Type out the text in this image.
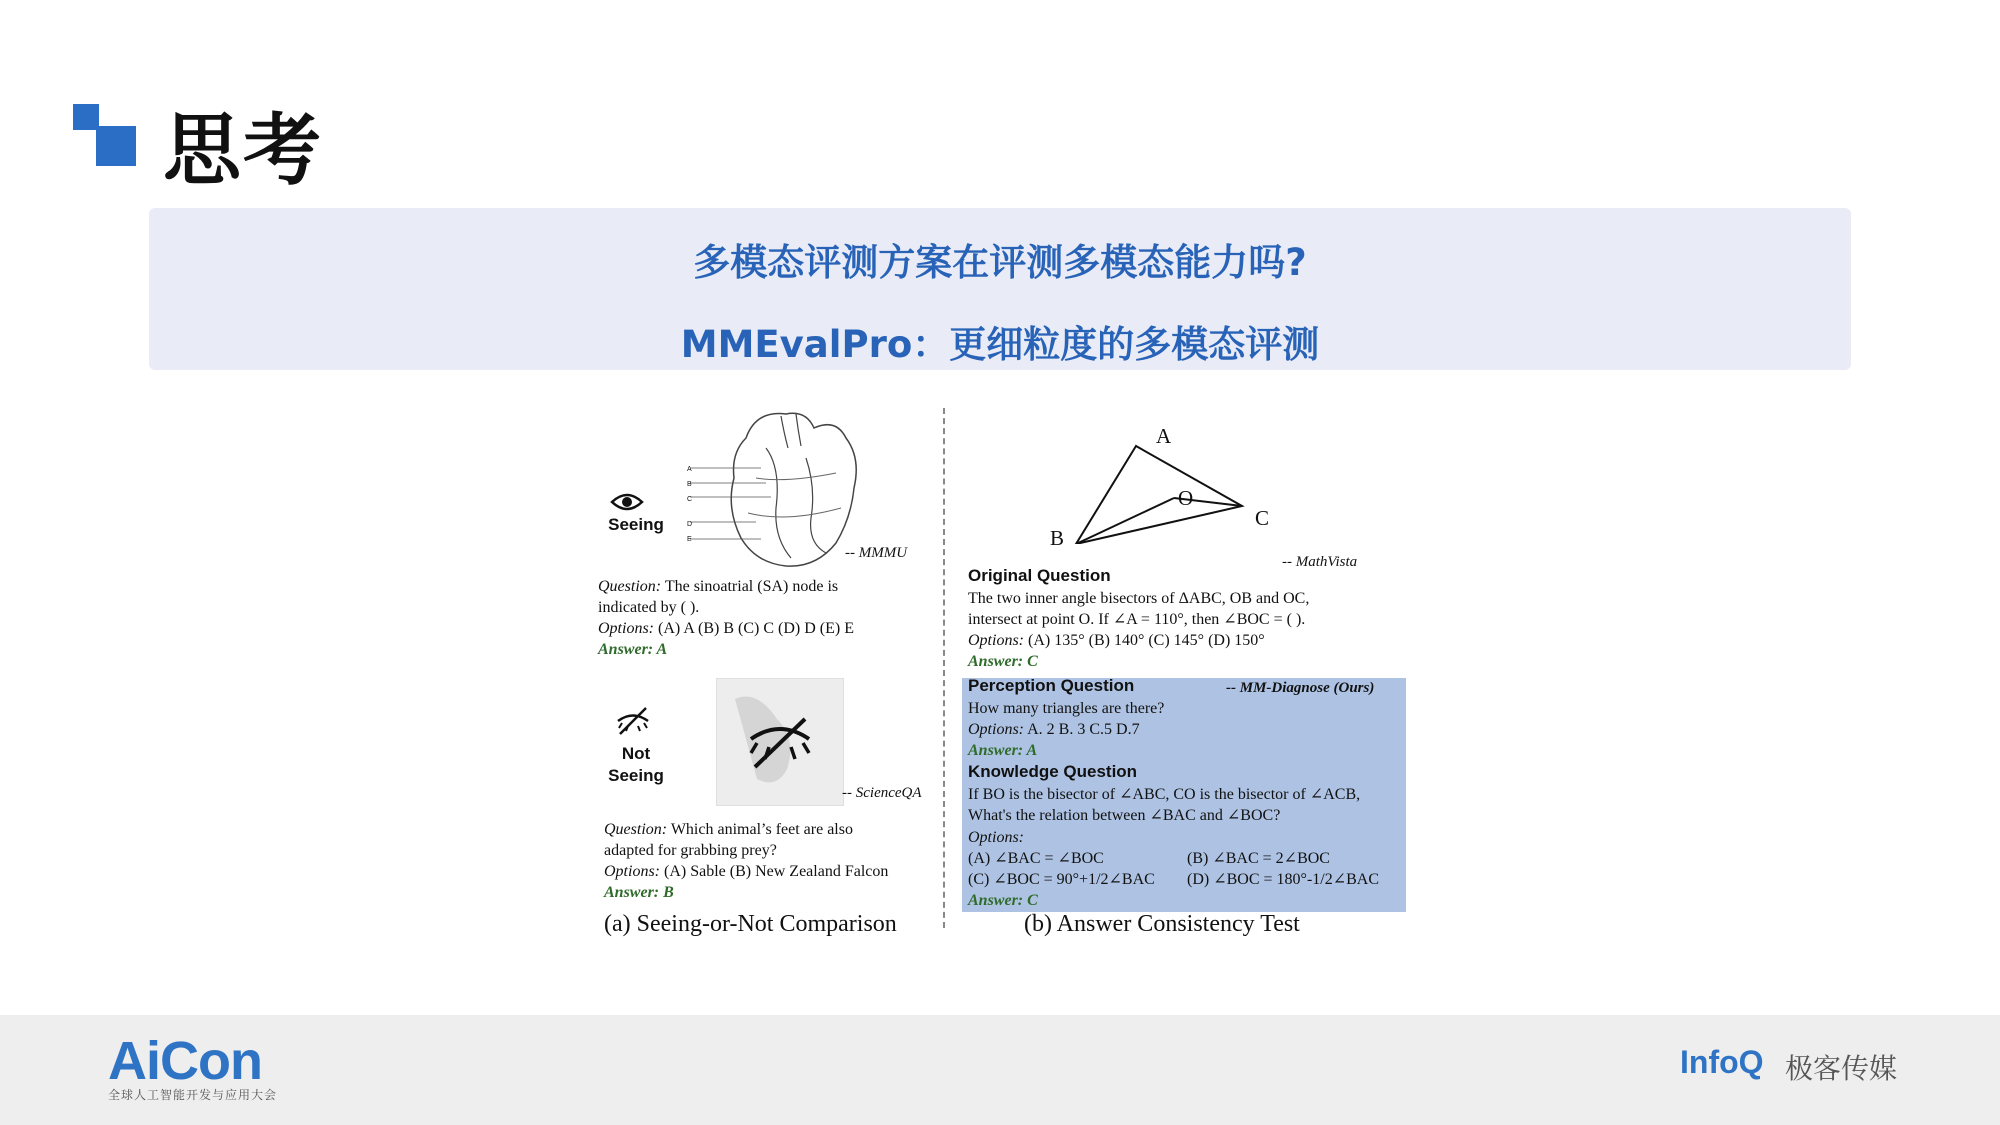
思考
多模态评测方案在评测多模态能力吗?
MMEvalPro：更细粒度的多模态评测
Seeing
A
B
C
D
E
-- MMMU
Question: The sinoatrial (SA) node is
indicated by ( ).
Options: (A) A (B) B (C) C (D) D (E) E
Answer: A
Not
Seeing
-- ScienceQA
Question: Which animal’s feet are also
adapted for grabbing prey?
Options: (A) Sable (B) New Zealand Falcon
Answer: B
(a) Seeing-or-Not Comparison
A
B
C
O
-- MathVista
Original Question
The two inner angle bisectors of ΔABC, OB and OC,
intersect at point O. If ∠A = 110°, then ∠BOC = ( ).
Options: (A) 135° (B) 140° (C) 145° (D) 150°
Answer: C
Perception Question	-- MM-Diagnose (Ours)
How many triangles are there?
Options: A. 2 B. 3 C.5 D.7
Answer: A
Knowledge Question
If BO is the bisector of ∠ABC, CO is the bisector of ∠ACB,
What's the relation between ∠BAC and ∠BOC?
Options:
(A) ∠BAC = ∠BOC	(B) ∠BAC = 2∠BOC
(C) ∠BOC = 90°+1/2∠BAC (D) ∠BOC = 180°-1/2∠BAC
Answer: C
(b) Answer Consistency Test
AiCon
全球人工智能开发与应用大会
InfoQ 极客传媒
